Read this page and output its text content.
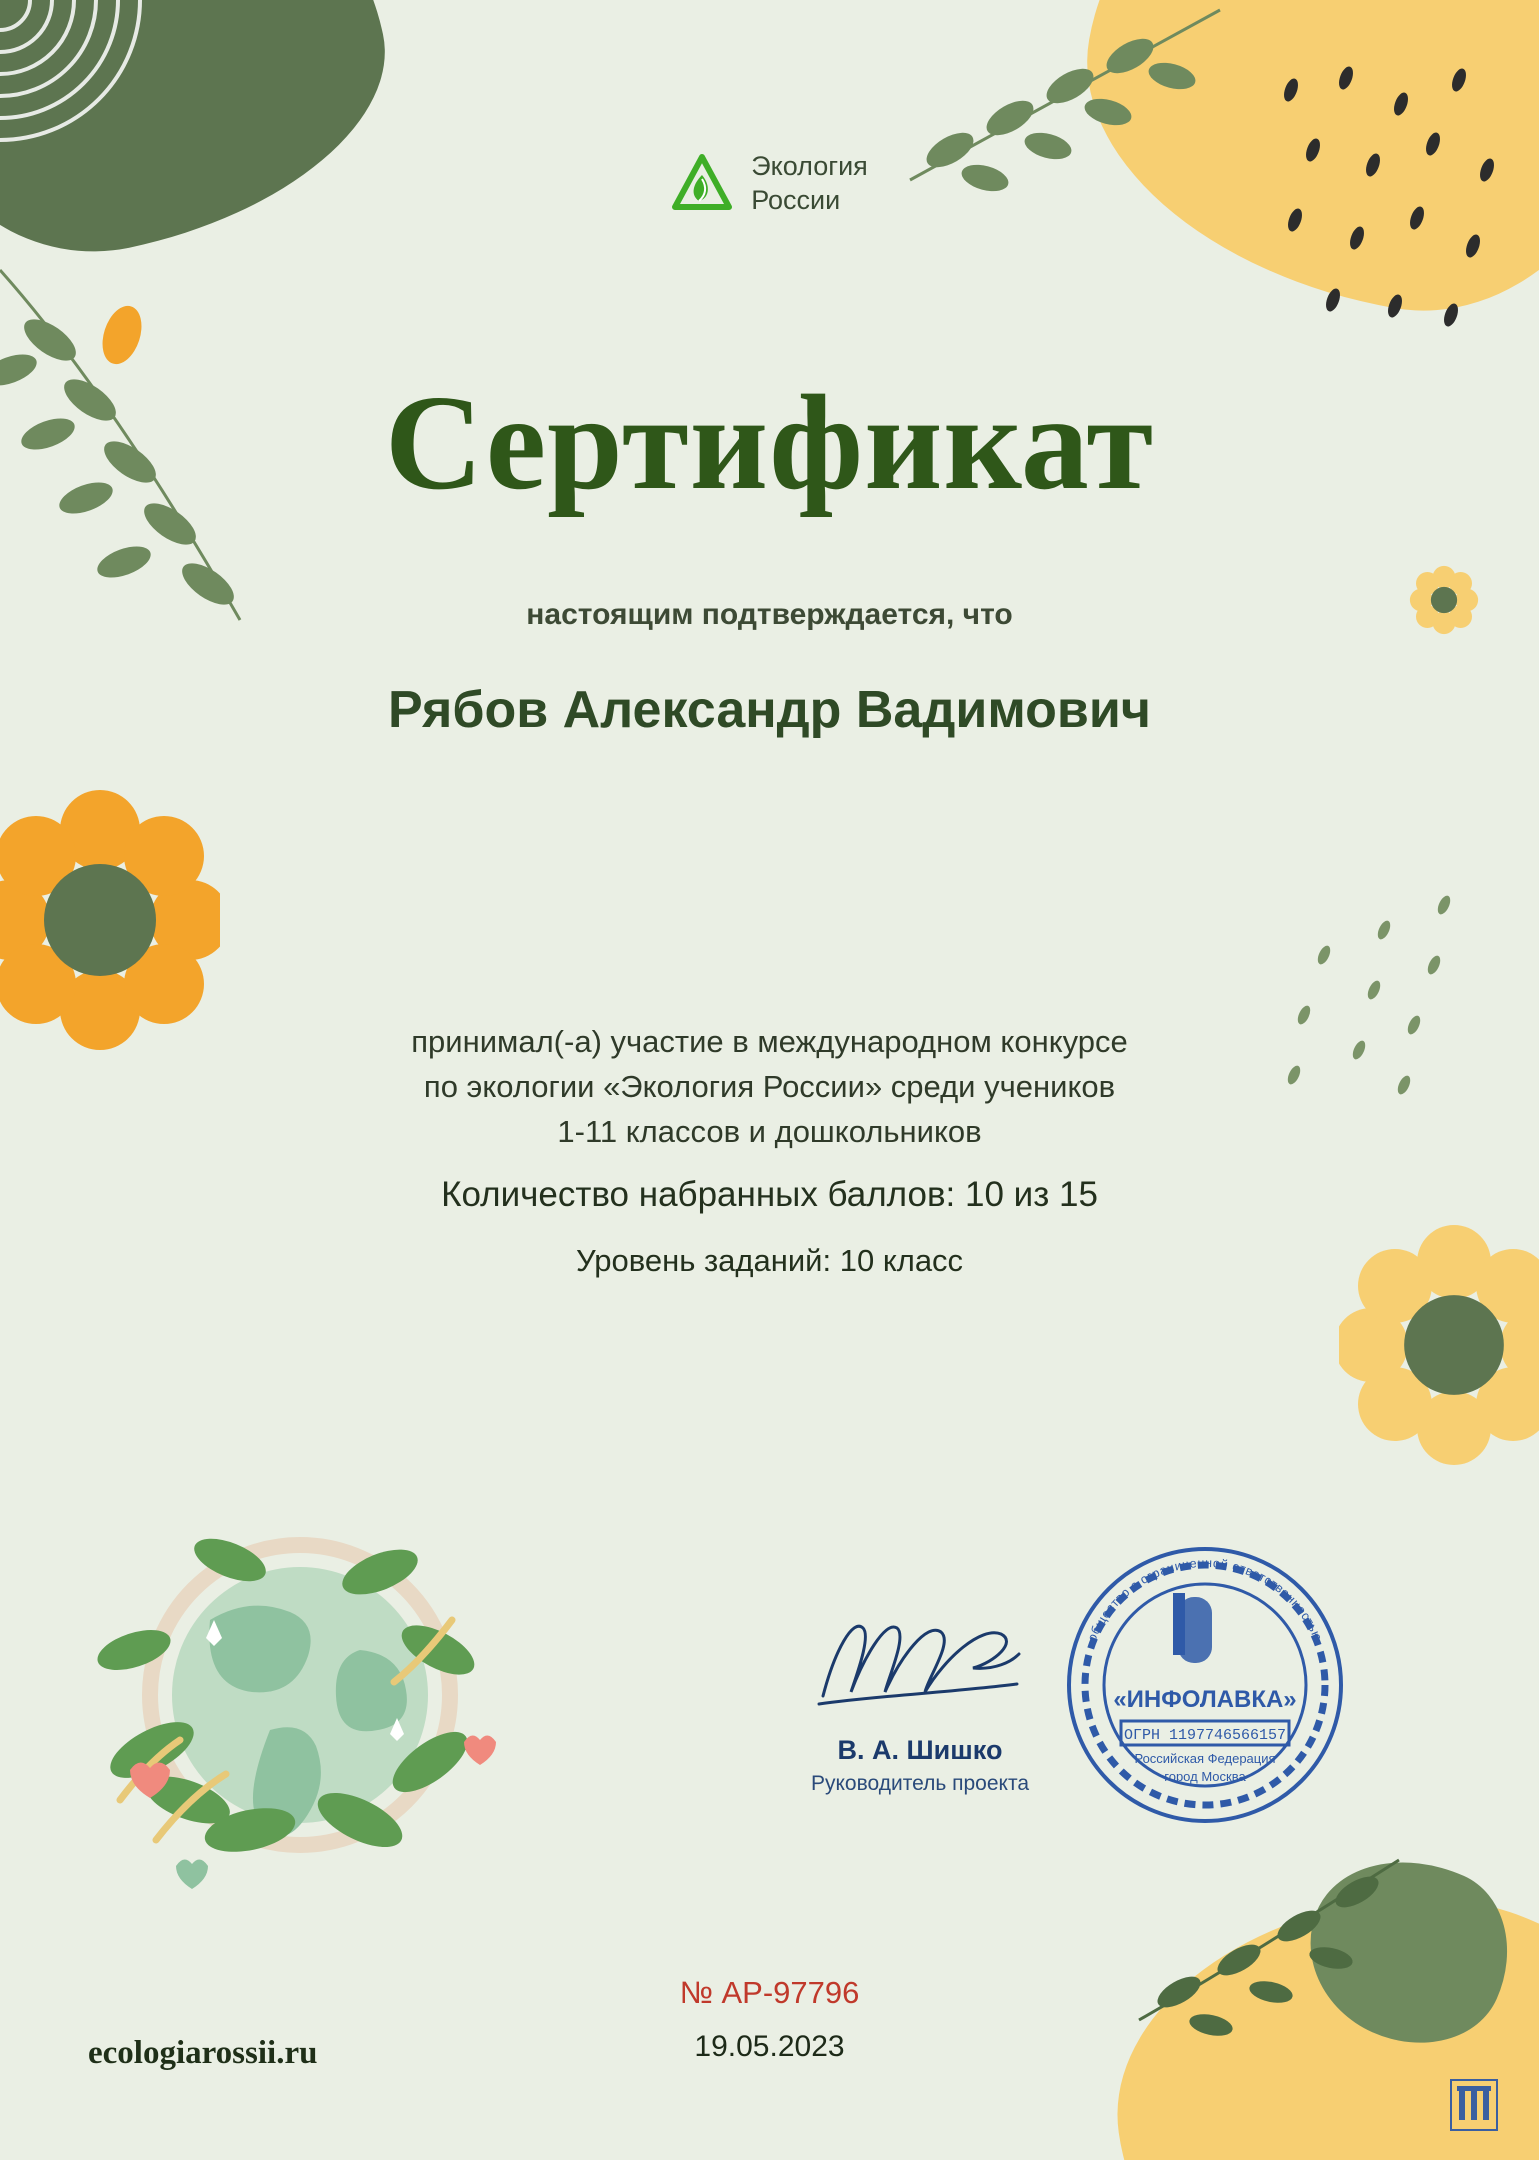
Экология
России
Сертификат
настоящим подтверждается, что
Рябов Александр Вадимович
принимал(-а) участие в международном конкурсе
по экологии «Экология России» среди учеников
1-11 классов и дошкольников
Количество набранных баллов: 10 из 15
Уровень заданий: 10 класс
В. А. Шишко
Руководитель проекта
общество с ограниченной ответственностью
«ИНФОЛАВКА»
ОГРН 1197746566157
Российская Федерация
город Москва
№ АР-97796
19.05.2023
ecologiarossii.ru
